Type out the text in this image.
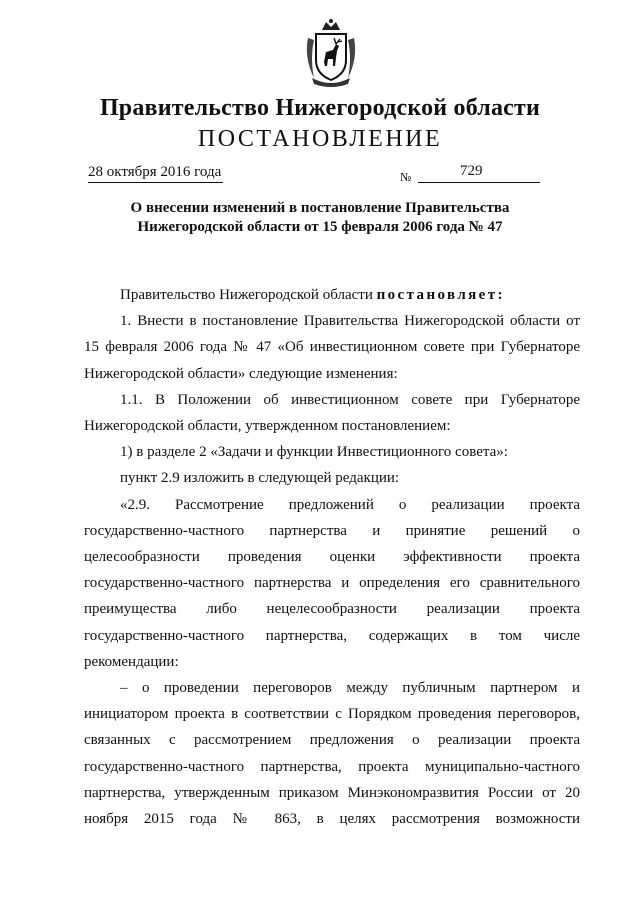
Правительство Нижегородской области
ПОСТАНОВЛЕНИЕ
28 октября 2016 года	№	729
О внесении изменений в постановление Правительства
Нижегородской области от 15 февраля 2006 года № 47

Правительство Нижегородской области постановляет:

1. Внести в постановление Правительства Нижегородской области от 15 февраля 2006 года № 47 «Об инвестиционном совете при Губернаторе Нижегородской области» следующие изменения:

1.1. В Положении об инвестиционном совете при Губернаторе Нижегородской области, утвержденном постановлением:

1) в разделе 2 «Задачи и функции Инвестиционного совета»:

пункт 2.9 изложить в следующей редакции:

«2.9. Рассмотрение предложений о реализации проекта государственно-частного партнерства и принятие решений о целесообразности проведения оценки эффективности проекта государственно-частного партнерства и определения его сравнительного преимущества либо нецелесообразности реализации проекта государственно-частного партнерства, содержащих в том числе рекомендации:

– о проведении переговоров между публичным партнером и инициатором проекта в соответствии с Порядком проведения переговоров, связанных с рассмотрением предложения о реализации проекта государственно-частного партнерства, проекта муниципально-частного партнерства, утвержденным приказом Минэкономразвития России от 20 ноября 2015 года № 863, в целях рассмотрения возможности
